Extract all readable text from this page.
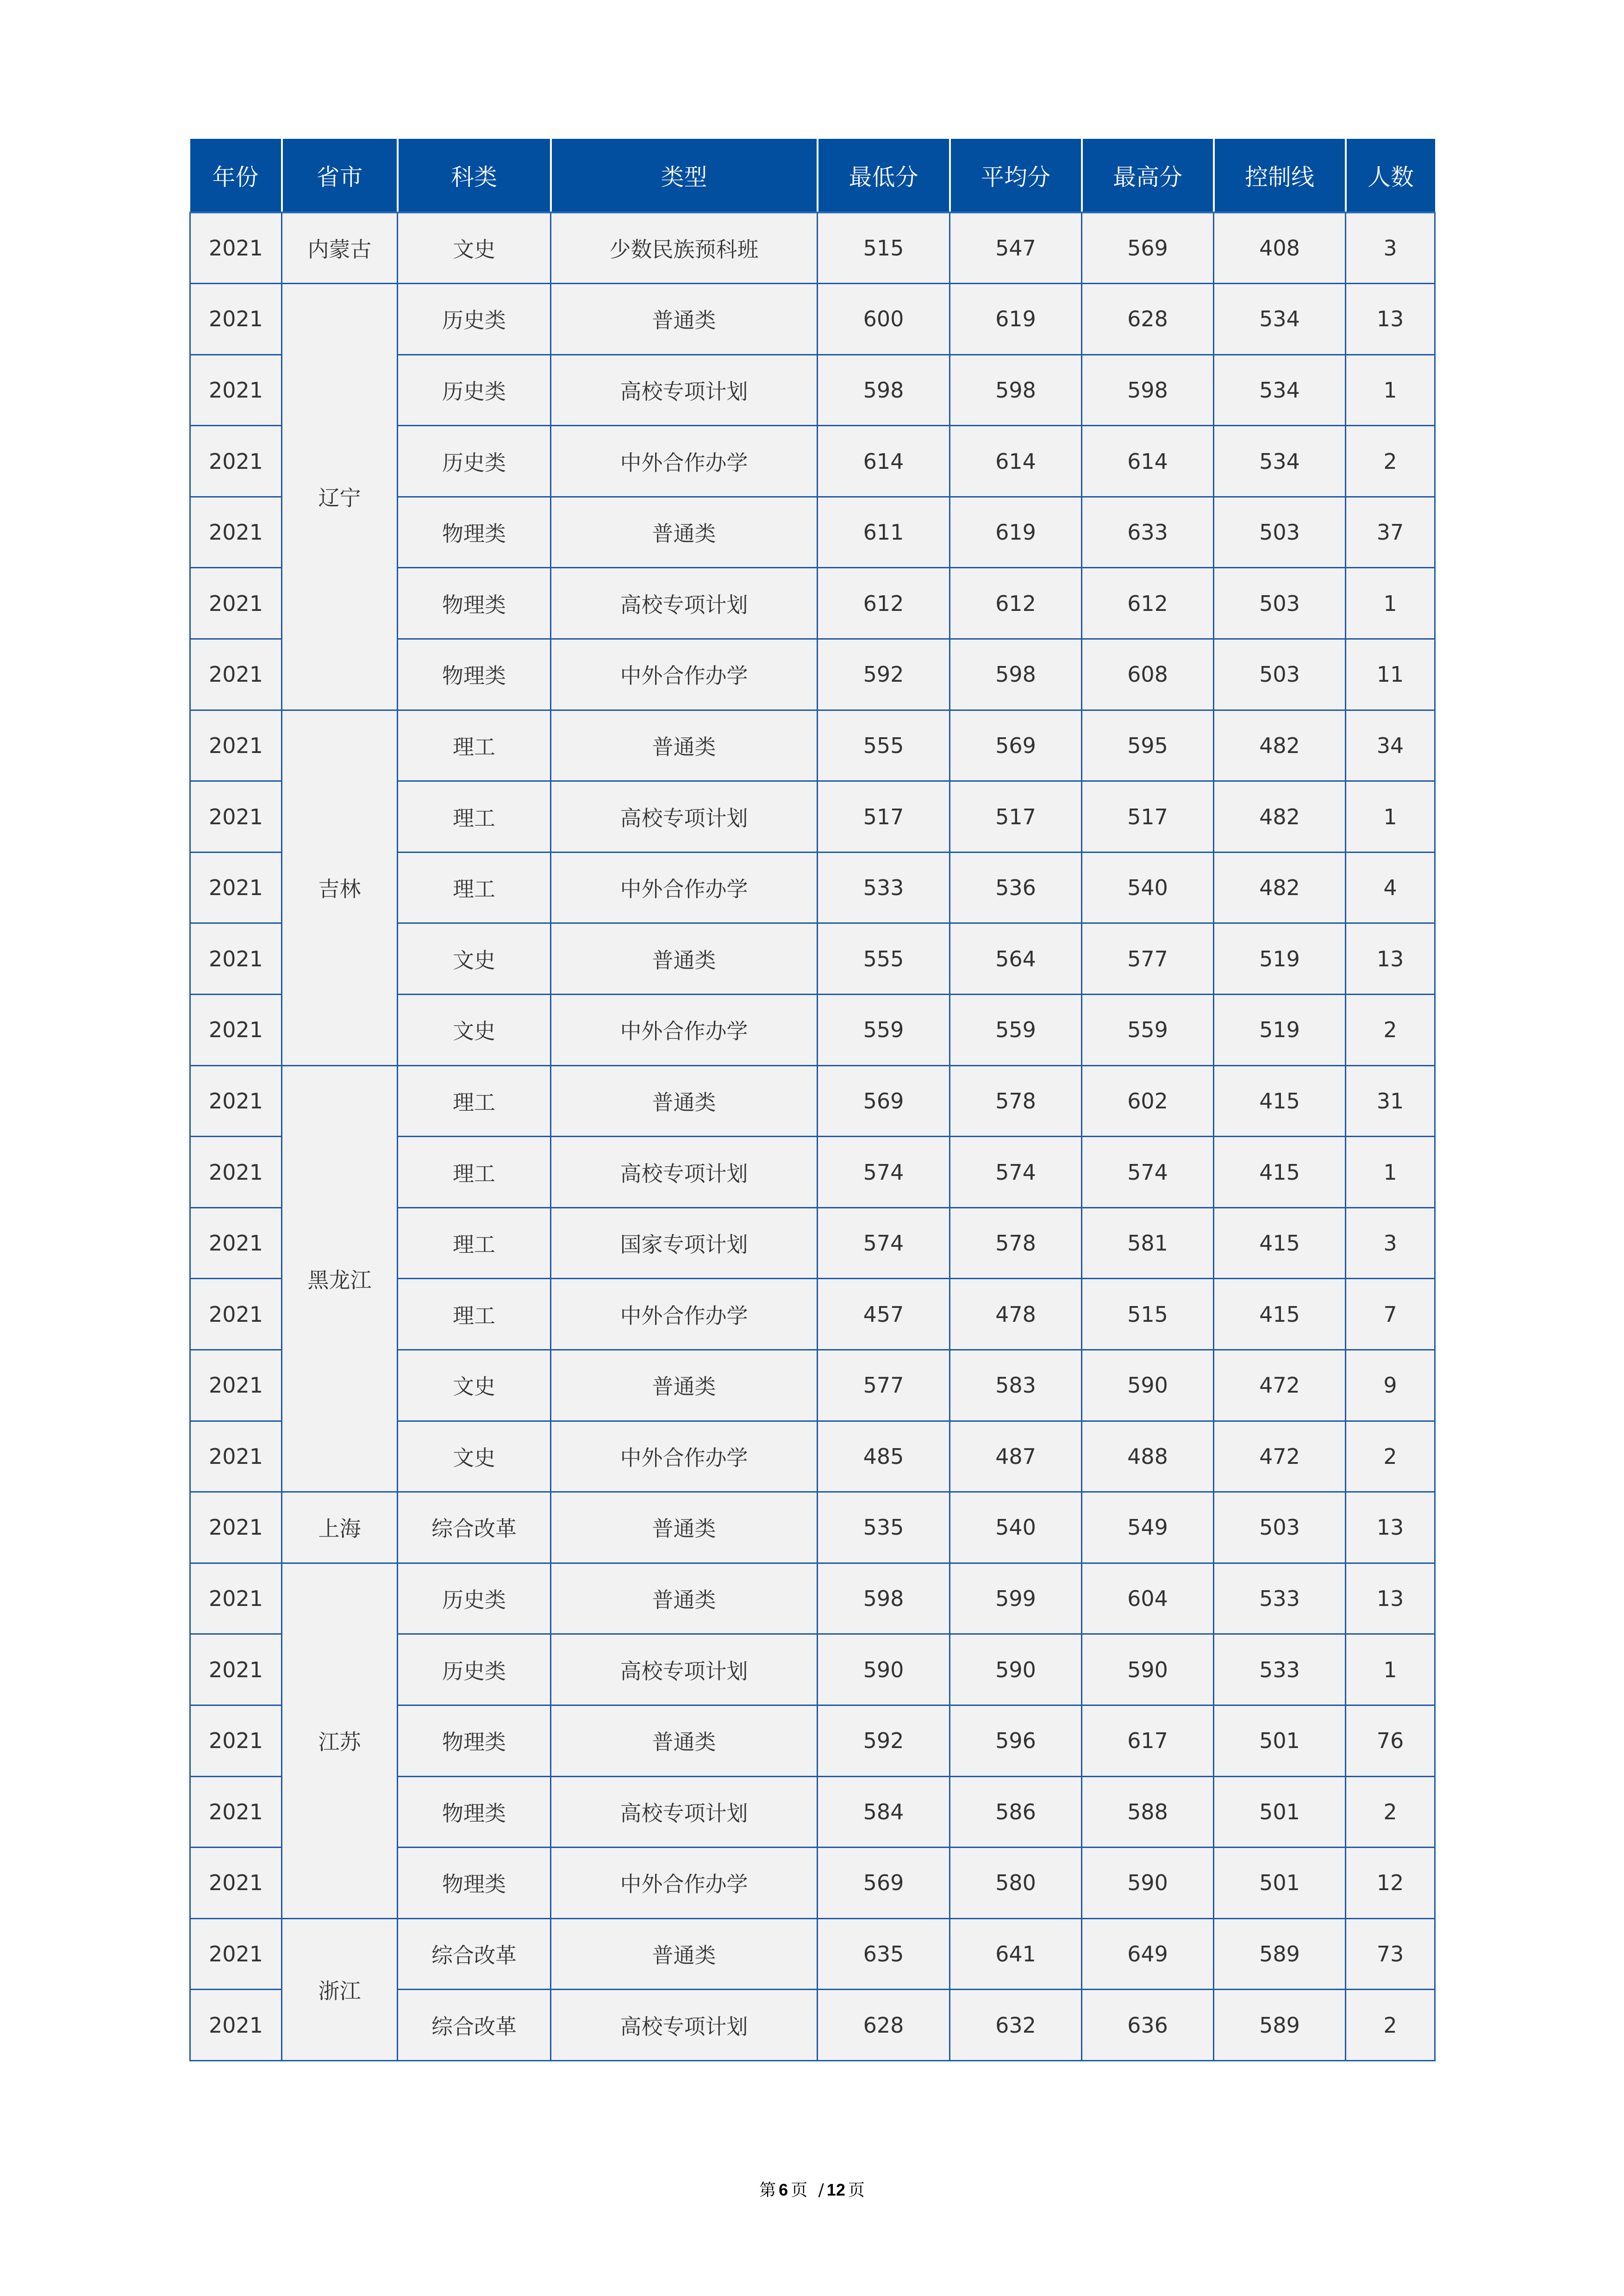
年份	省市	科类	类型	最低分	平均分	最高分	控制线	人数
2021	内蒙古	文史	少数民族预科班	515	547	569	408	3
2021	辽宁	历史类	普通类	600	619	628	534	13
2021		历史类	高校专项计划	598	598	598	534	1
2021		历史类	中外合作办学	614	614	614	534	2
2021		物理类	普通类	611	619	633	503	37
2021		物理类	高校专项计划	612	612	612	503	1
2021		物理类	中外合作办学	592	598	608	503	11
2021	吉林	理工	普通类	555	569	595	482	34
2021		理工	高校专项计划	517	517	517	482	1
2021		理工	中外合作办学	533	536	540	482	4
2021		文史	普通类	555	564	577	519	13
2021		文史	中外合作办学	559	559	559	519	2
2021	黑龙江	理工	普通类	569	578	602	415	31
2021		理工	高校专项计划	574	574	574	415	1
2021		理工	国家专项计划	574	578	581	415	3
2021		理工	中外合作办学	457	478	515	415	7
2021		文史	普通类	577	583	590	472	9
2021		文史	中外合作办学	485	487	488	472	2
2021	上海	综合改革	普通类	535	540	549	503	13
2021	江苏	历史类	普通类	598	599	604	533	13
2021		历史类	高校专项计划	590	590	590	533	1
2021		物理类	普通类	592	596	617	501	76
2021		物理类	高校专项计划	584	586	588	501	2
2021		物理类	中外合作办学	569	580	590	501	12
2021	浙江	综合改革	普通类	635	641	649	589	73
2021		综合改革	高校专项计划	628	632	636	589	2
第 6 页 / 12 页
